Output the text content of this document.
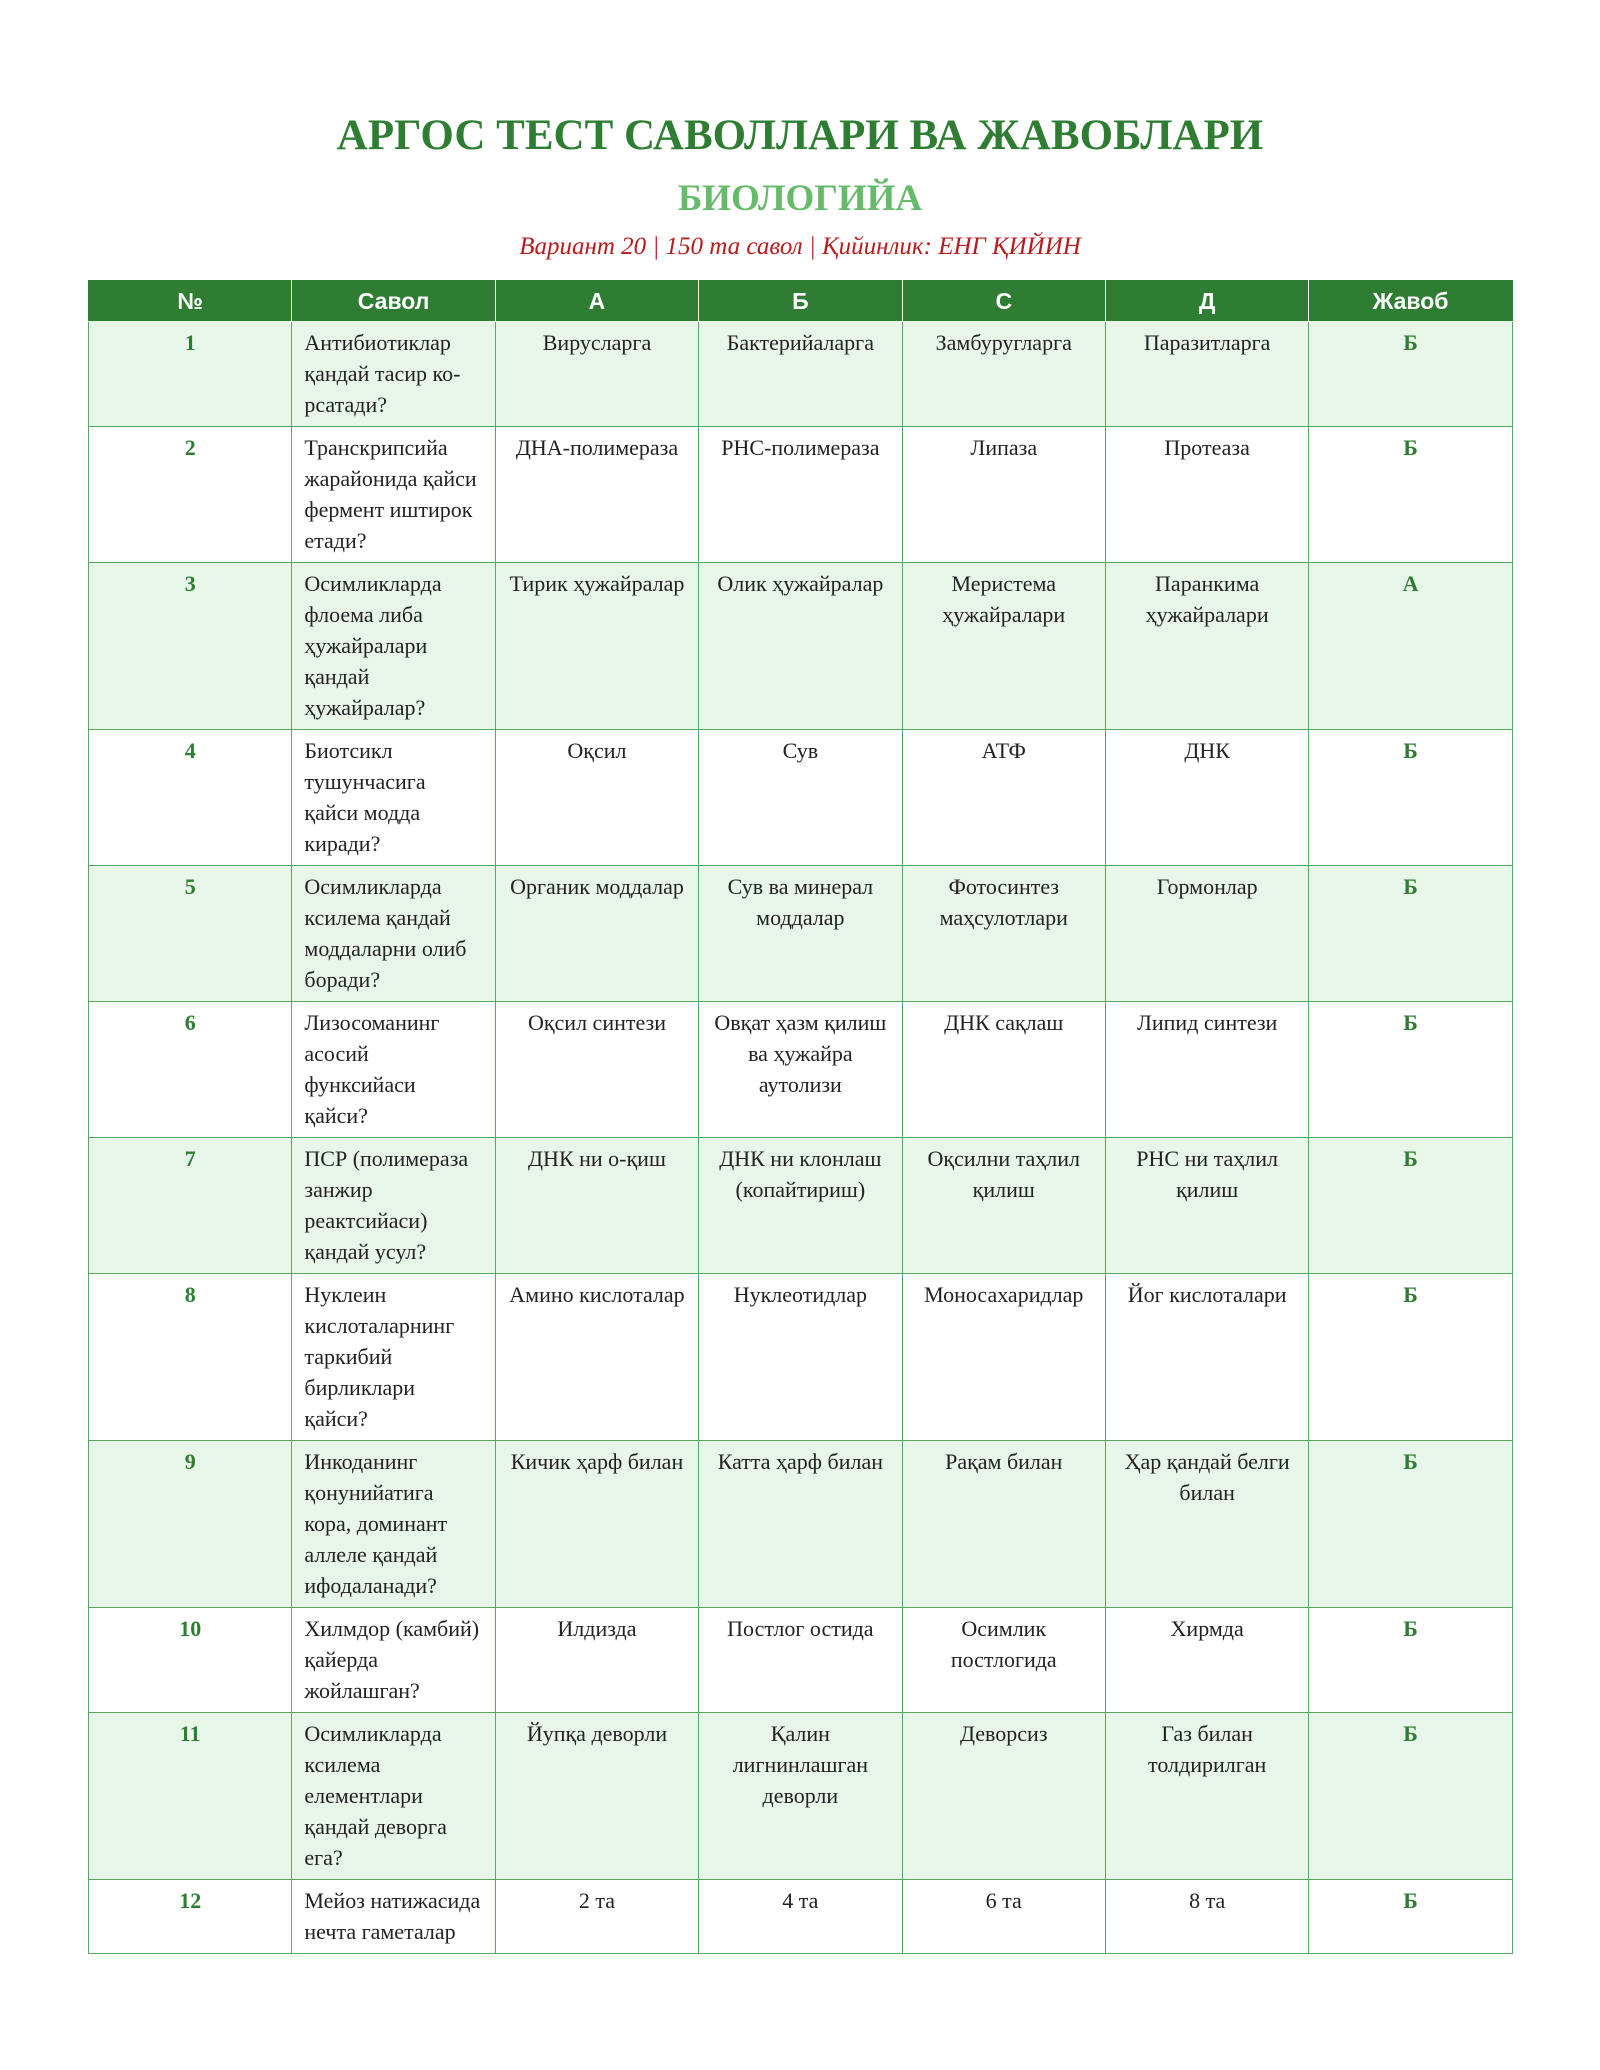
АРГОС ТЕСТ САВОЛЛАРИ ВА ЖАВОБЛАРИ
БИОЛОГИЙА
Вариант 20 | 150 та савол | Қийинлик: ЕНГ ҚИЙИН
№	Савол	А	Б	С	Д	Жавоб
1	Антибиотиклар қандай тасир ко-рсатади?	Вирусларга	Бактерийаларга	Замбуругларга	Паразитларга	Б
2	Транскрипсийа жарайонида қайси фермент иштирок етади?	ДНА-полимераза	РНС-полимераза	Липаза	Протеаза	Б
3	Осимликларда флоема либа ҳужайралари қандай ҳужайралар?	Тирик ҳужайралар	Олик ҳужайралар	Меристема ҳужайралари	Паранкима ҳужайралари	А
4	Биотсикл тушунчасига қайси модда киради?	Оқсил	Сув	АТФ	ДНК	Б
5	Осимликларда ксилема қандай моддаларни олиб боради?	Органик моддалар	Сув ва минерал моддалар	Фотосинтез маҳсулотлари	Гормонлар	Б
6	Лизосоманинг асосий функсийаси қайси?	Оқсил синтези	Овқат ҳазм қилиш ва ҳужайра аутолизи	ДНК сақлаш	Липид синтези	Б
7	ПСР (полимераза занжир реактсийаси) қандай усул?	ДНК ни о-қиш	ДНК ни клонлаш (копайтириш)	Оқсилни таҳлил қилиш	РНС ни таҳлил қилиш	Б
8	Нуклеин кислоталарнинг таркибий бирликлари қайси?	Амино кислоталар	Нуклеотидлар	Моносахаридлар	Йог кислоталари	Б
9	Инкоданинг қонунийатига кора, доминант аллеле қандай ифодаланади?	Кичик ҳарф билан	Катта ҳарф билан	Рақам билан	Ҳар қандай белги билан	Б
10	Хилмдор (камбий) қайерда жойлашган?	Илдизда	Постлог остида	Осимлик постлогида	Хирмда	Б
11	Осимликларда ксилема елементлари қандай деворга ега?	Йупқа деворли	Қалин лигнинлашган деворли	Деворсиз	Газ билан толдирилган	Б
12	Мейоз натижасида нечта гаметалар	2 та	4 та	6 та	8 та	Б
